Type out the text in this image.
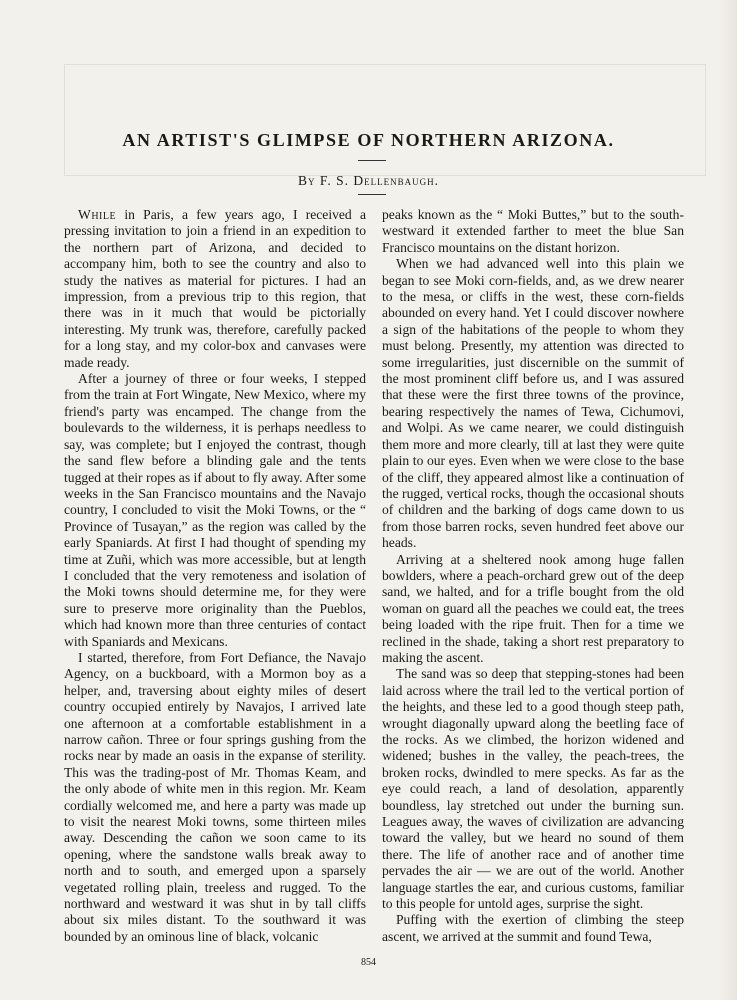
AN ARTIST'S GLIMPSE OF NORTHERN ARIZONA.
By F. S. Dellenbaugh.

While in Paris, a few years ago, I received a pressing invitation to join a friend in an expedition to the northern part of Arizona, and decided to accompany him, both to see the country and also to study the natives as material for pictures. I had an impression, from a previous trip to this region, that there was in it much that would be pictorially interesting. My trunk was, therefore, carefully packed for a long stay, and my color-box and canvases were made ready.

After a journey of three or four weeks, I stepped from the train at Fort Wingate, New Mexico, where my friend's party was encamped. The change from the boulevards to the wilderness, it is perhaps needless to say, was complete; but I enjoyed the contrast, though the sand flew before a blinding gale and the tents tugged at their ropes as if about to fly away. After some weeks in the San Francisco mountains and the Navajo country, I concluded to visit the Moki Towns, or the “ Province of Tusayan,” as the region was called by the early Spaniards. At first I had thought of spending my time at Zuñi, which was more accessible, but at length I concluded that the very remoteness and isolation of the Moki towns should determine me, for they were sure to preserve more originality than the Pueblos, which had known more than three centuries of contact with Spaniards and Mexicans.

I started, therefore, from Fort Defiance, the Navajo Agency, on a buckboard, with a Mormon boy as a helper, and, traversing about eighty miles of desert country occupied entirely by Navajos, I arrived late one afternoon at a comfortable establishment in a narrow cañon. Three or four springs gushing from the rocks near by made an oasis in the expanse of sterility. This was the trading-post of Mr. Thomas Keam, and the only abode of white men in this region. Mr. Keam cordially welcomed me, and here a party was made up to visit the nearest Moki towns, some thirteen miles away. Descending the cañon we soon came to its opening, where the sandstone walls break away to north and to south, and emerged upon a sparsely vegetated rolling plain, treeless and rugged. To the northward and westward it was shut in by tall cliffs about six miles distant. To the southward it was bounded by an ominous line of black, volcanic

peaks known as the “ Moki Buttes,” but to the south-westward it extended farther to meet the blue San Francisco mountains on the distant horizon.

When we had advanced well into this plain we began to see Moki corn-fields, and, as we drew nearer to the mesa, or cliffs in the west, these corn-fields abounded on every hand. Yet I could discover nowhere a sign of the habitations of the people to whom they must belong. Presently, my attention was directed to some irregularities, just discernible on the summit of the most prominent cliff before us, and I was assured that these were the first three towns of the province, bearing respectively the names of Tewa, Cichumovi, and Wolpi. As we came nearer, we could distinguish them more and more clearly, till at last they were quite plain to our eyes. Even when we were close to the base of the cliff, they appeared almost like a continuation of the rugged, vertical rocks, though the occasional shouts of children and the barking of dogs came down to us from those barren rocks, seven hundred feet above our heads.

Arriving at a sheltered nook among huge fallen bowlders, where a peach-orchard grew out of the deep sand, we halted, and for a trifle bought from the old woman on guard all the peaches we could eat, the trees being loaded with the ripe fruit. Then for a time we reclined in the shade, taking a short rest preparatory to making the ascent.

The sand was so deep that stepping-stones had been laid across where the trail led to the vertical portion of the heights, and these led to a good though steep path, wrought diagonally upward along the beetling face of the rocks. As we climbed, the horizon widened and widened; bushes in the valley, the peach-trees, the broken rocks, dwindled to mere specks. As far as the eye could reach, a land of desolation, apparently boundless, lay stretched out under the burning sun. Leagues away, the waves of civilization are advancing toward the valley, but we heard no sound of them there. The life of another race and of another time pervades the air — we are out of the world. Another language startles the ear, and curious customs, familiar to this people for untold ages, surprise the sight.

Puffing with the exertion of climbing the steep ascent, we arrived at the summit and found Tewa,

854
